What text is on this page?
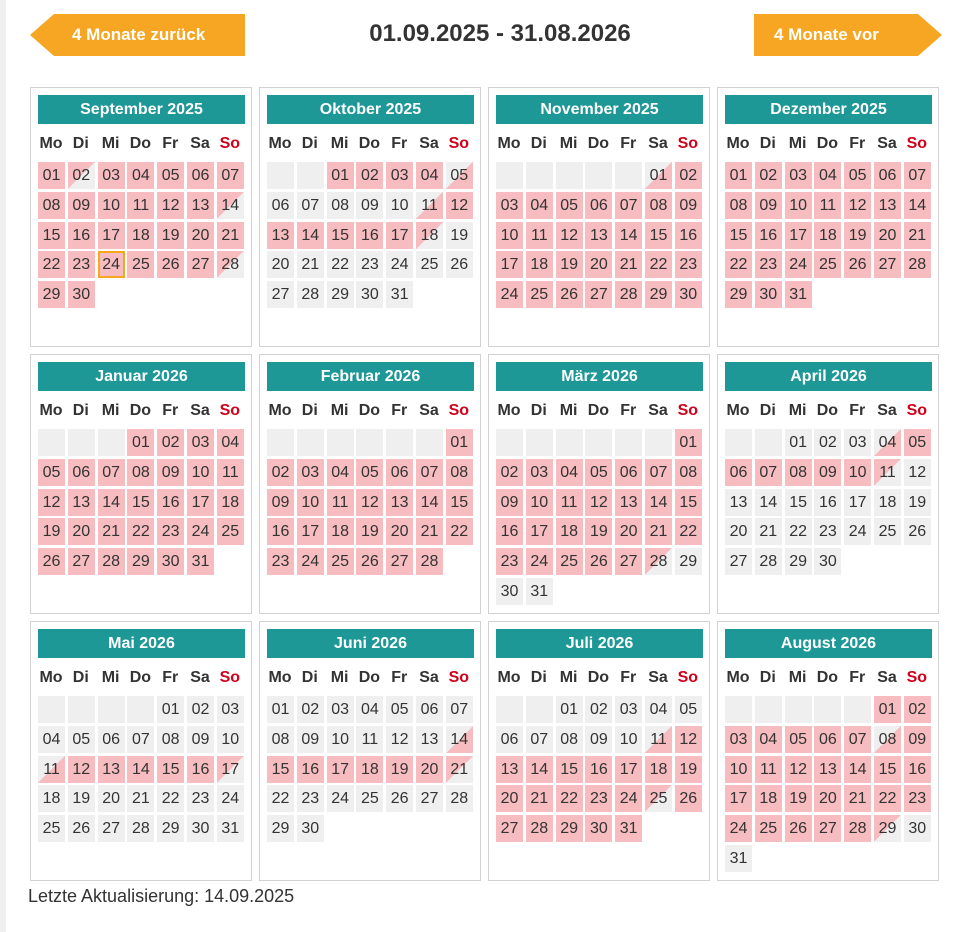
4 Monate zurück	01.09.2025 - 31.08.2026	4 Monate vor
September 2025
Mo Di Mi Do Fr Sa So
01 02 03 04 05 06 07
08 09 10 11 12 13 14
15 16 17 18 19 20 21
22 23 24 25 26 27 28
29 30
Oktober 2025
Mo Di Mi Do Fr Sa So
01 02 03 04 05
06 07 08 09 10 11 12
13 14 15 16 17 18 19
20 21 22 23 24 25 26
27 28 29 30 31
November 2025
Mo Di Mi Do Fr Sa So
01 02
03 04 05 06 07 08 09
10 11 12 13 14 15 16
17 18 19 20 21 22 23
24 25 26 27 28 29 30
Dezember 2025
Mo Di Mi Do Fr Sa So
01 02 03 04 05 06 07
08 09 10 11 12 13 14
15 16 17 18 19 20 21
22 23 24 25 26 27 28
29 30 31
Januar 2026
Mo Di Mi Do Fr Sa So
01 02 03 04
05 06 07 08 09 10 11
12 13 14 15 16 17 18
19 20 21 22 23 24 25
26 27 28 29 30 31
Februar 2026
Mo Di Mi Do Fr Sa So
01
02 03 04 05 06 07 08
09 10 11 12 13 14 15
16 17 18 19 20 21 22
23 24 25 26 27 28
März 2026
Mo Di Mi Do Fr Sa So
01
02 03 04 05 06 07 08
09 10 11 12 13 14 15
16 17 18 19 20 21 22
23 24 25 26 27 28 29
30 31
April 2026
Mo Di Mi Do Fr Sa So
01 02 03 04 05
06 07 08 09 10 11 12
13 14 15 16 17 18 19
20 21 22 23 24 25 26
27 28 29 30
Mai 2026
Mo Di Mi Do Fr Sa So
01 02 03
04 05 06 07 08 09 10
11 12 13 14 15 16 17
18 19 20 21 22 23 24
25 26 27 28 29 30 31
Juni 2026
Mo Di Mi Do Fr Sa So
01 02 03 04 05 06 07
08 09 10 11 12 13 14
15 16 17 18 19 20 21
22 23 24 25 26 27 28
29 30
Juli 2026
Mo Di Mi Do Fr Sa So
01 02 03 04 05
06 07 08 09 10 11 12
13 14 15 16 17 18 19
20 21 22 23 24 25 26
27 28 29 30 31
August 2026
Mo Di Mi Do Fr Sa So
01 02
03 04 05 06 07 08 09
10 11 12 13 14 15 16
17 18 19 20 21 22 23
24 25 26 27 28 29 30
31
Letzte Aktualisierung: 14.09.2025
